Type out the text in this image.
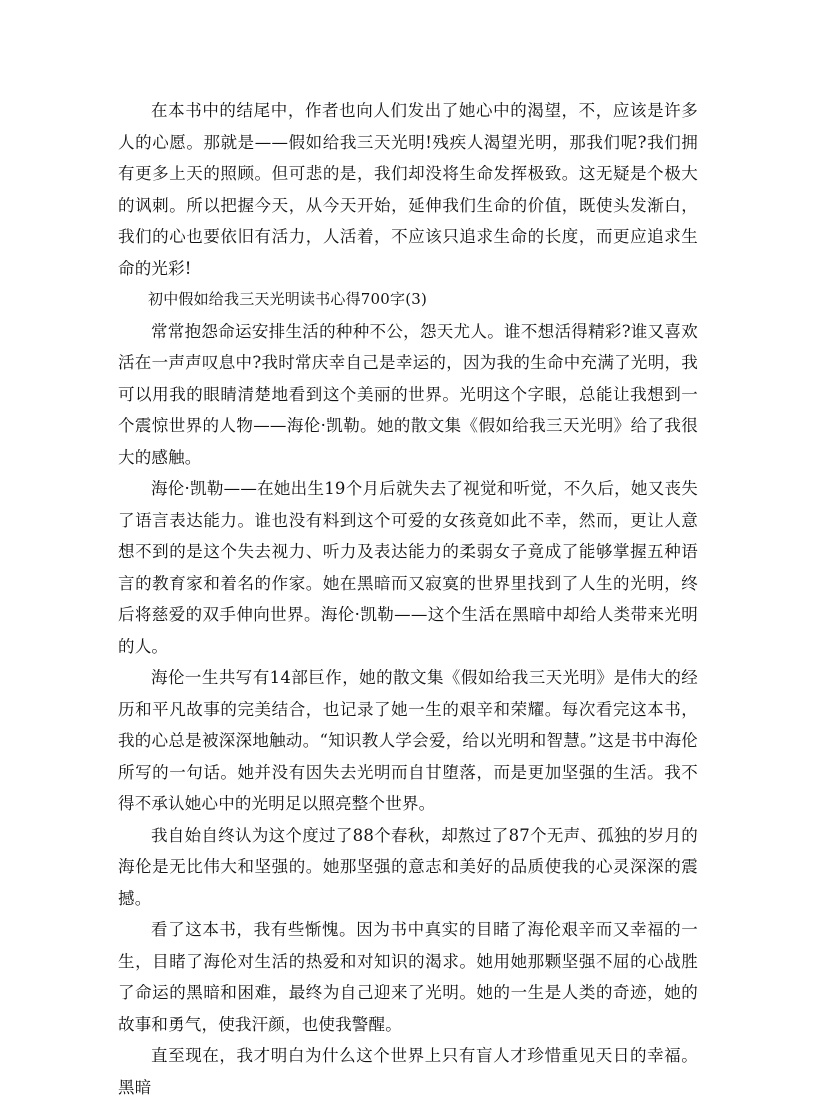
在本书中的结尾中，作者也向人们发出了她心中的渴望，不，应该是许多人的心愿。那就是——假如给我三天光明!残疾人渴望光明，那我们呢?我们拥有更多上天的照顾。但可悲的是，我们却没将生命发挥极致。这无疑是个极大的讽刺。所以把握今天，从今天开始，延伸我们生命的价值，既使头发渐白，我们的心也要依旧有活力，人活着，不应该只追求生命的长度，而更应追求生命的光彩!

初中假如给我三天光明读书心得700字(3)

常常抱怨命运安排生活的种种不公，怨天尤人。谁不想活得精彩?谁又喜欢活在一声声叹息中?我时常庆幸自己是幸运的，因为我的生命中充满了光明，我可以用我的眼睛清楚地看到这个美丽的世界。光明这个字眼，总能让我想到一个震惊世界的人物——海伦·凯勒。她的散文集《假如给我三天光明》给了我很大的感触。

海伦·凯勒——在她出生19个月后就失去了视觉和听觉，不久后，她又丧失了语言表达能力。谁也没有料到这个可爱的女孩竟如此不幸，然而，更让人意想不到的是这个失去视力、听力及表达能力的柔弱女子竟成了能够掌握五种语言的教育家和着名的作家。她在黑暗而又寂寞的世界里找到了人生的光明，终后将慈爱的双手伸向世界。海伦·凯勒——这个生活在黑暗中却给人类带来光明的人。

海伦一生共写有14部巨作，她的散文集《假如给我三天光明》是伟大的经历和平凡故事的完美结合，也记录了她一生的艰辛和荣耀。每次看完这本书，我的心总是被深深地触动。“知识教人学会爱，给以光明和智慧。”这是书中海伦所写的一句话。她并没有因失去光明而自甘堕落，而是更加坚强的生活。我不得不承认她心中的光明足以照亮整个世界。

我自始自终认为这个度过了88个春秋，却熬过了87个无声、孤独的岁月的海伦是无比伟大和坚强的。她那坚强的意志和美好的品质使我的心灵深深的震撼。

看了这本书，我有些惭愧。因为书中真实的目睹了海伦艰辛而又幸福的一生，目睹了海伦对生活的热爱和对知识的渴求。她用她那颗坚强不屈的心战胜了命运的黑暗和困难，最终为自己迎来了光明。她的一生是人类的奇迹，她的故事和勇气，使我汗颜，也使我警醒。

直至现在，我才明白为什么这个世界上只有盲人才珍惜重见天日的幸福。黑暗
